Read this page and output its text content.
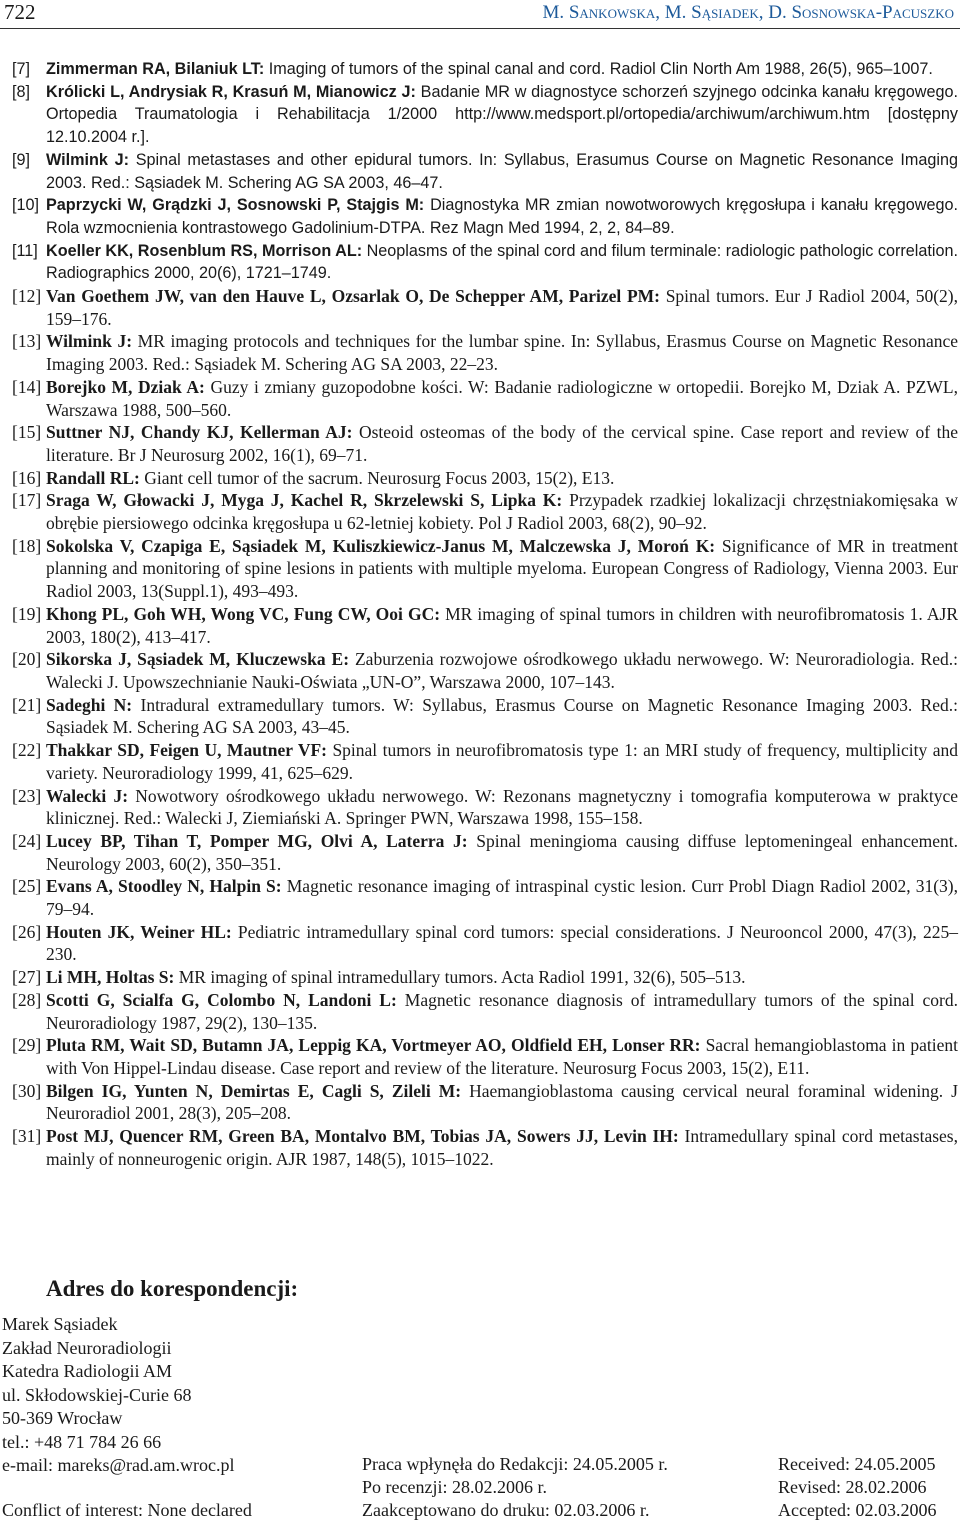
722	M. Sankowska, M. Sąsiadek, D. Sosnowska-Pacuszko
[7] Zimmerman RA, Bilaniuk LT: Imaging of tumors of the spinal canal and cord. Radiol Clin North Am 1988, 26(5), 965–1007.
[8] Królicki L, Andrysiak R, Krasuń M, Mianowicz J: Badanie MR w diagnostyce schorzeń szyjnego odcinka kanału kręgowego. Ortopedia Traumatologia i Rehabilitacja 1/2000 http://www.medsport.pl/ortopedia/archiwum/archiwum.htm [dostępny 12.10.2004 r.].
[9] Wilmink J: Spinal metastases and other epidural tumors. In: Syllabus, Erasumus Course on Magnetic Resonance Imaging 2003. Red.: Sąsiadek M. Schering AG SA 2003, 46–47.
[10] Paprzycki W, Grądzki J, Sosnowski P, Stajgis M: Diagnostyka MR zmian nowotworowych kręgosłupa i kanału kręgowego. Rola wzmocnienia kontrastowego Gadolinium-DTPA. Rez Magn Med 1994, 2, 2, 84–89.
[11] Koeller KK, Rosenblum RS, Morrison AL: Neoplasms of the spinal cord and filum terminale: radiologic pathologic correlation. Radiographics 2000, 20(6), 1721–1749.
[12] Van Goethem JW, van den Hauve L, Ozsarlak O, De Schepper AM, Parizel PM: Spinal tumors. Eur J Radiol 2004, 50(2), 159–176.
[13] Wilmink J: MR imaging protocols and techniques for the lumbar spine. In: Syllabus, Erasmus Course on Magnetic Resonance Imaging 2003. Red.: Sąsiadek M. Schering AG SA 2003, 22–23.
[14] Borejko M, Dziak A: Guzy i zmiany guzopodobne kości. W: Badanie radiologiczne w ortopedii. Borejko M, Dziak A. PZWL, Warszawa 1988, 500–560.
[15] Suttner NJ, Chandy KJ, Kellerman AJ: Osteoid osteomas of the body of the cervical spine. Case report and review of the literature. Br J Neurosurg 2002, 16(1), 69–71.
[16] Randall RL: Giant cell tumor of the sacrum. Neurosurg Focus 2003, 15(2), E13.
[17] Sraga W, Głowacki J, Myga J, Kachel R, Skrzelewski S, Lipka K: Przypadek rzadkiej lokalizacji chrzęstniakomięsaka w obrębie piersiowego odcinka kręgosłupa u 62-letniej kobiety. Pol J Radiol 2003, 68(2), 90–92.
[18] Sokolska V, Czapiga E, Sąsiadek M, Kuliszkiewicz-Janus M, Malczewska J, Moroń K: Significance of MR in treatment planning and monitoring of spine lesions in patients with multiple myeloma. European Congress of Radiology, Vienna 2003. Eur Radiol 2003, 13(Suppl.1), 493–493.
[19] Khong PL, Goh WH, Wong VC, Fung CW, Ooi GC: MR imaging of spinal tumors in children with neurofibromatosis 1. AJR 2003, 180(2), 413–417.
[20] Sikorska J, Sąsiadek M, Kluczewska E: Zaburzenia rozwojowe ośrodkowego układu nerwowego. W: Neuroradiologia. Red.: Walecki J. Upowszechnianie Nauki-Oświata „UN-O”, Warszawa 2000, 107–143.
[21] Sadeghi N: Intradural extramedullary tumors. W: Syllabus, Erasmus Course on Magnetic Resonance Imaging 2003. Red.: Sąsiadek M. Schering AG SA 2003, 43–45.
[22] Thakkar SD, Feigen U, Mautner VF: Spinal tumors in neurofibromatosis type 1: an MRI study of frequency, multiplicity and variety. Neuroradiology 1999, 41, 625–629.
[23] Walecki J: Nowotwory ośrodkowego układu nerwowego. W: Rezonans magnetyczny i tomografia komputerowa w praktyce klinicznej. Red.: Walecki J, Ziemiański A. Springer PWN, Warszawa 1998, 155–158.
[24] Lucey BP, Tihan T, Pomper MG, Olvi A, Laterra J: Spinal meningioma causing diffuse leptomeningeal enhancement. Neurology 2003, 60(2), 350–351.
[25] Evans A, Stoodley N, Halpin S: Magnetic resonance imaging of intraspinal cystic lesion. Curr Probl Diagn Radiol 2002, 31(3), 79–94.
[26] Houten JK, Weiner HL: Pediatric intramedullary spinal cord tumors: special considerations. J Neurooncol 2000, 47(3), 225–230.
[27] Li MH, Holtas S: MR imaging of spinal intramedullary tumors. Acta Radiol 1991, 32(6), 505–513.
[28] Scotti G, Scialfa G, Colombo N, Landoni L: Magnetic resonance diagnosis of intramedullary tumors of the spinal cord. Neuroradiology 1987, 29(2), 130–135.
[29] Pluta RM, Wait SD, Butamn JA, Leppig KA, Vortmeyer AO, Oldfield EH, Lonser RR: Sacral hemangioblastoma in patient with Von Hippel-Lindau disease. Case report and review of the literature. Neurosurg Focus 2003, 15(2), E11.
[30] Bilgen IG, Yunten N, Demirtas E, Cagli S, Zileli M: Haemangioblastoma causing cervical neural foraminal widening. J Neuroradiol 2001, 28(3), 205–208.
[31] Post MJ, Quencer RM, Green BA, Montalvo BM, Tobias JA, Sowers JJ, Levin IH: Intramedullary spinal cord metastases, mainly of nonneurogenic origin. AJR 1987, 148(5), 1015–1022.
Adres do korespondencji:
Marek Sąsiadek
Zakład Neuroradiologii
Katedra Radiologii AM
ul. Skłodowskiej-Curie 68
50-369 Wrocław
tel.: +48 71 784 26 66
e-mail: mareks@rad.am.wroc.pl
Conflict of interest: None declared
Praca wpłynęła do Redakcji: 24.05.2005 r.
Po recenzji: 28.02.2006 r.
Zaakceptowano do druku: 02.03.2006 r.
Received: 24.05.2005
Revised: 28.02.2006
Accepted: 02.03.2006
